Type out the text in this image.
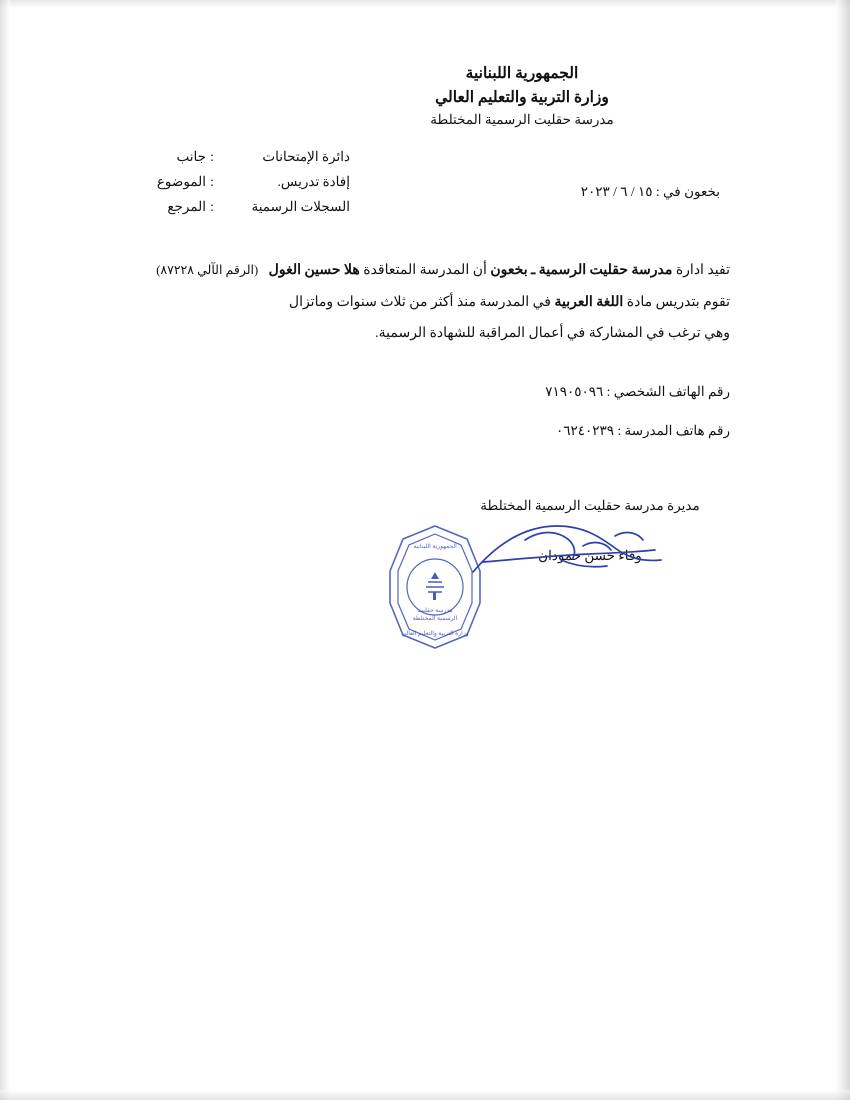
الجمهورية اللبنانية
وزارة التربية والتعليم العالي
مدرسة حقليت الرسمية المختلطة
دائرة الإمتحانات
:
جانب
إفادة تدريس.
:
الموضوع
السجلات الرسمية
:
المرجع
بخعون في : ١٥ / ٦ / ٢٠٢٣

تفيد ادارة مدرسة حقليت الرسمية ـ بخعون أن المدرسة المتعاقدة هلا حسين الغول   (الرقم الآلي ٨٧٢٢٨)

تقوم بتدريس مادة اللغة العربية في المدرسة منذ أكثر من ثلاث سنوات وماتزال

وهي ترغب في المشاركة في أعمال المراقبة للشهادة الرسمية.

رقم الهاتف الشخصي : ٧١٩٠٥٠٩٦
رقم هاتف المدرسة : ٠٦٢٤٠٢٣٩
مديرة مدرسة حقليت الرسمية المختلطة
وفاء حسن حمودان
الجمهورية اللبنانية
مدرسة حقليت
الرسمية المختلطة
وزارة التربية والتعليم العالي
